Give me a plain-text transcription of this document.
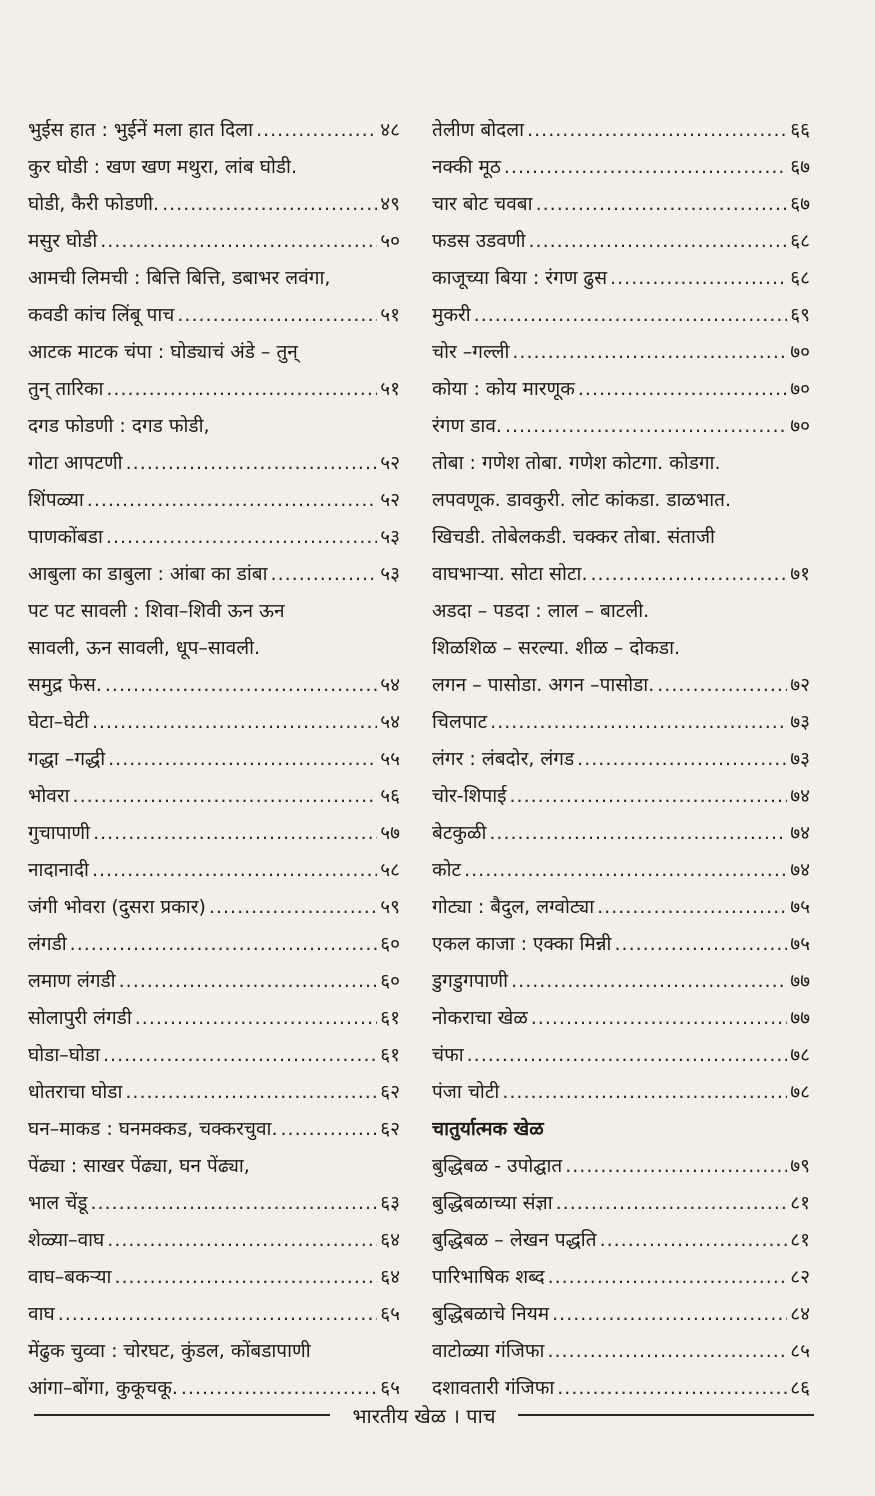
भुईस हात : भुईनें मला हात दिला .....	४८
कुर घोडी : खण खण मथुरा, लांब घोडी.
घोडी, कैरी फोडणी. .....	४९
मसुर घोडी .....	५०
आमची लिमची : बित्ति बित्ति, डबाभर लवंगा,
कवडी कांच लिंबू पाच .....	५१
आटक माटक चंपा : घोड्याचं अंडे – तुन्
तुन् तारिका .....	५१
दगड फोडणी : दगड फोडी,
गोटा आपटणी .....	५२
शिंपळ्या .....	५२
पाणकोंबडा .....	५३
आबुला का डाबुला : आंबा का डांबा .....	५३
पट पट सावली : शिवा–शिवी ऊन ऊन
सावली, ऊन सावली, धूप–सावली.
समुद्र फेस. .....	५४
घेटा–घेटी .....	५४
गद्धा –गद्धी .....	५५
भोवरा .....	५६
गुचापाणी .....	५७
नादानादी .....	५८
जंगी भोवरा (दुसरा प्रकार) .....	५९
लंगडी .....	६०
लमाण लंगडी .....	६०
सोलापुरी लंगडी .....	६१
घोडा–घोडा .....	६१
धोतराचा घोडा .....	६२
घन–माकड : घनमक्कड, चक्करचुवा. .....	६२
पेंढ्या : साखर पेंढ्या, घन पेंढ्या,
भाल चेंडू .....	६३
शेळ्या–वाघ .....	६४
वाघ–बकऱ्या .....	६४
वाघ .....	६५
मेंढुक चुव्वा : चोरघट, कुंडल, कोंबडापाणी
आंगा–बोंगा, कुकूचकू. .....	६५
तेलीण बोदला .....	६६
नक्की मूठ .....	६७
चार बोट चवबा .....	६७
फडस उडवणी .....	६८
काजूच्या बिया : रंगण ढुस .....	६८
मुकरी .....	६९
चोर –गल्ली .....	७०
कोया : कोय मारणूक .....	७०
रंगण डाव. .....	७०
तोबा : गणेश तोबा. गणेश कोटगा. कोडगा.
लपवणूक. डावकुरी. लोट कांकडा. डाळभात.
खिचडी. तोबेलकडी. चक्कर तोबा. संताजी
वाघभाऱ्या. सोटा सोटा. .....	७१
अडदा – पडदा : लाल – बाटली.
शिळशिळ – सरल्या. शीळ – दोकडा.
लगन – पासोडा. अगन –पासोडा. .....	७२
चिलपाट .....	७३
लंगर : लंबदोर, लंगड .....	७३
चोर-शिपाई .....	७४
बेटकुळी .....	७४
कोट .....	७४
गोट्या : बैदुल, लग्वोट्या .....	७५
एकल काजा : एक्का मिन्नी .....	७५
डुगडुगपाणी .....	७७
नोकराचा खेळ .....	७७
चंफा .....	७८
पंजा चोटी .....	७८
चातुर्यात्मक खेळ
बुद्धिबळ - उपोद्घात .....	७९
बुद्धिबळाच्या संज्ञा .....	८१
बुद्धिबळ – लेखन पद्धति .....	८१
पारिभाषिक शब्द .....	८२
बुद्धिबळाचे नियम .....	८४
वाटोळ्या गंजिफा .....	८५
दशावतारी गंजिफा .....	८६
भारतीय खेळ । पाच
